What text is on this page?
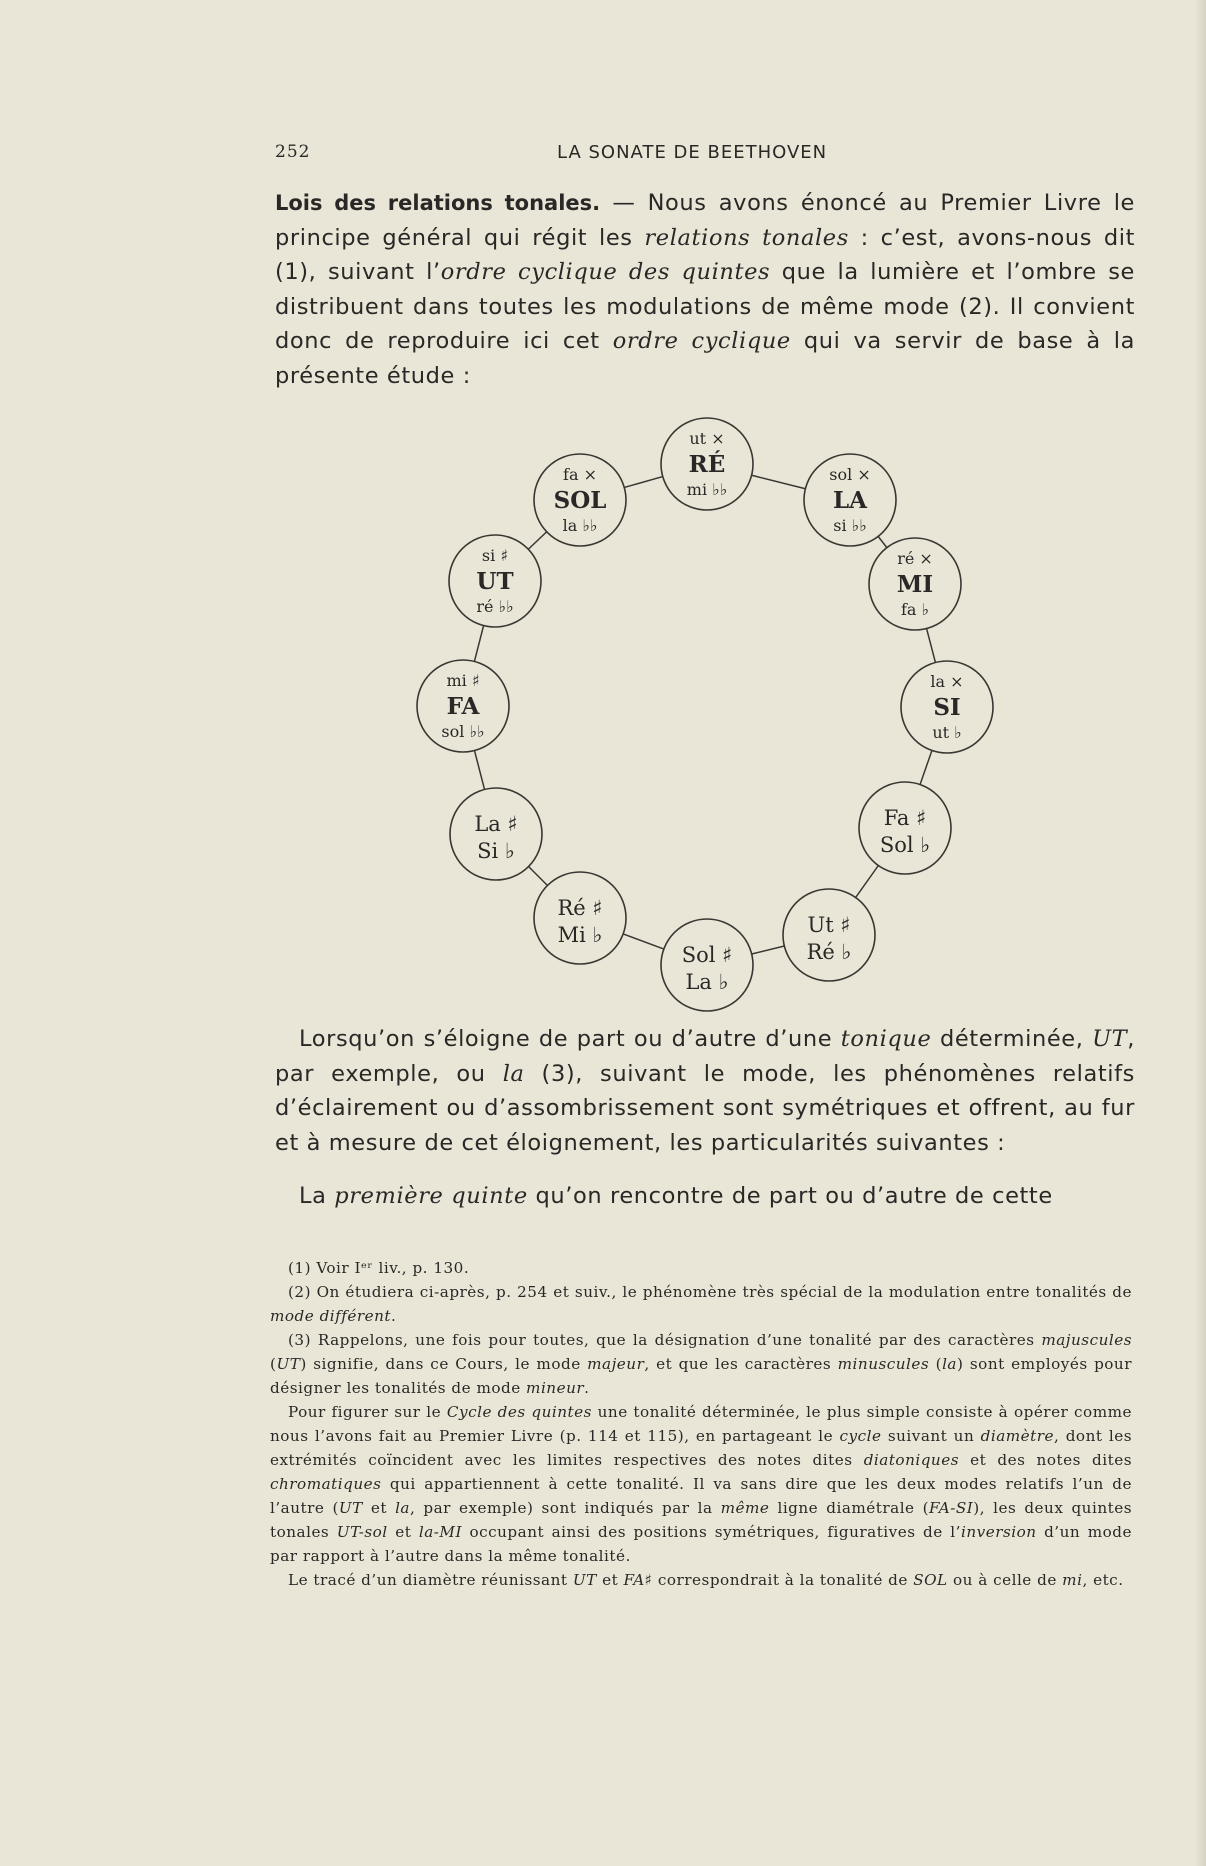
252	LA SONATE DE BEETHOVEN
Lois des relations tonales. — Nous avons énoncé au Premier Livre le principe général qui régit les relations tonales : c’est, avons-nous dit (1), suivant l’ordre cyclique des quintes que la lumière et l’ombre se distribuent dans toutes les modulations de même mode (2). Il convient donc de reproduire ici cet ordre cyclique qui va servir de base à la présente étude :
ut ×
RÉ
mi ♭♭
sol ×
LA
si ♭♭
ré ×
MI
fa ♭
la ×
SI
ut ♭
Fa ♯
Sol ♭
Ut ♯
Ré ♭
Sol ♯
La ♭
Ré ♯
Mi ♭
La ♯
Si ♭
mi ♯
FA
sol ♭♭
si ♯
UT
ré ♭♭
fa ×
SOL
la ♭♭
Lorsqu’on s’éloigne de part ou d’autre d’une tonique déterminée, UT, par exemple, ou la (3), suivant le mode, les phénomènes relatifs d’éclairement ou d’assombrissement sont symétriques et offrent, au fur et à mesure de cet éloignement, les particularités suivantes :
La première quinte qu’on rencontre de part ou d’autre de cette

(1) Voir Iᵉʳ liv., p. 130.

(2) On étudiera ci-après, p. 254 et suiv., le phénomène très spécial de la modulation entre tonalités de mode différent.

(3) Rappelons, une fois pour toutes, que la désignation d’une tonalité par des caractères majuscules (UT) signifie, dans ce Cours, le mode majeur, et que les caractères minuscules (la) sont employés pour désigner les tonalités de mode mineur.

Pour figurer sur le Cycle des quintes une tonalité déterminée, le plus simple consiste à opérer comme nous l’avons fait au Premier Livre (p. 114 et 115), en partageant le cycle suivant un diamètre, dont les extrémités coïncident avec les limites respectives des notes dites diatoniques et des notes dites chromatiques qui appartiennent à cette tonalité. Il va sans dire que les deux modes relatifs l’un de l’autre (UT et la, par exemple) sont indiqués par la même ligne diamétrale (FA-SI), les deux quintes tonales UT-sol et la-MI occupant ainsi des positions symétriques, figuratives de l’inversion d’un mode par rapport à l’autre dans la même tonalité.

Le tracé d’un diamètre réunissant UT et FA♯ correspondrait à la tonalité de SOL ou à celle de mi, etc.
